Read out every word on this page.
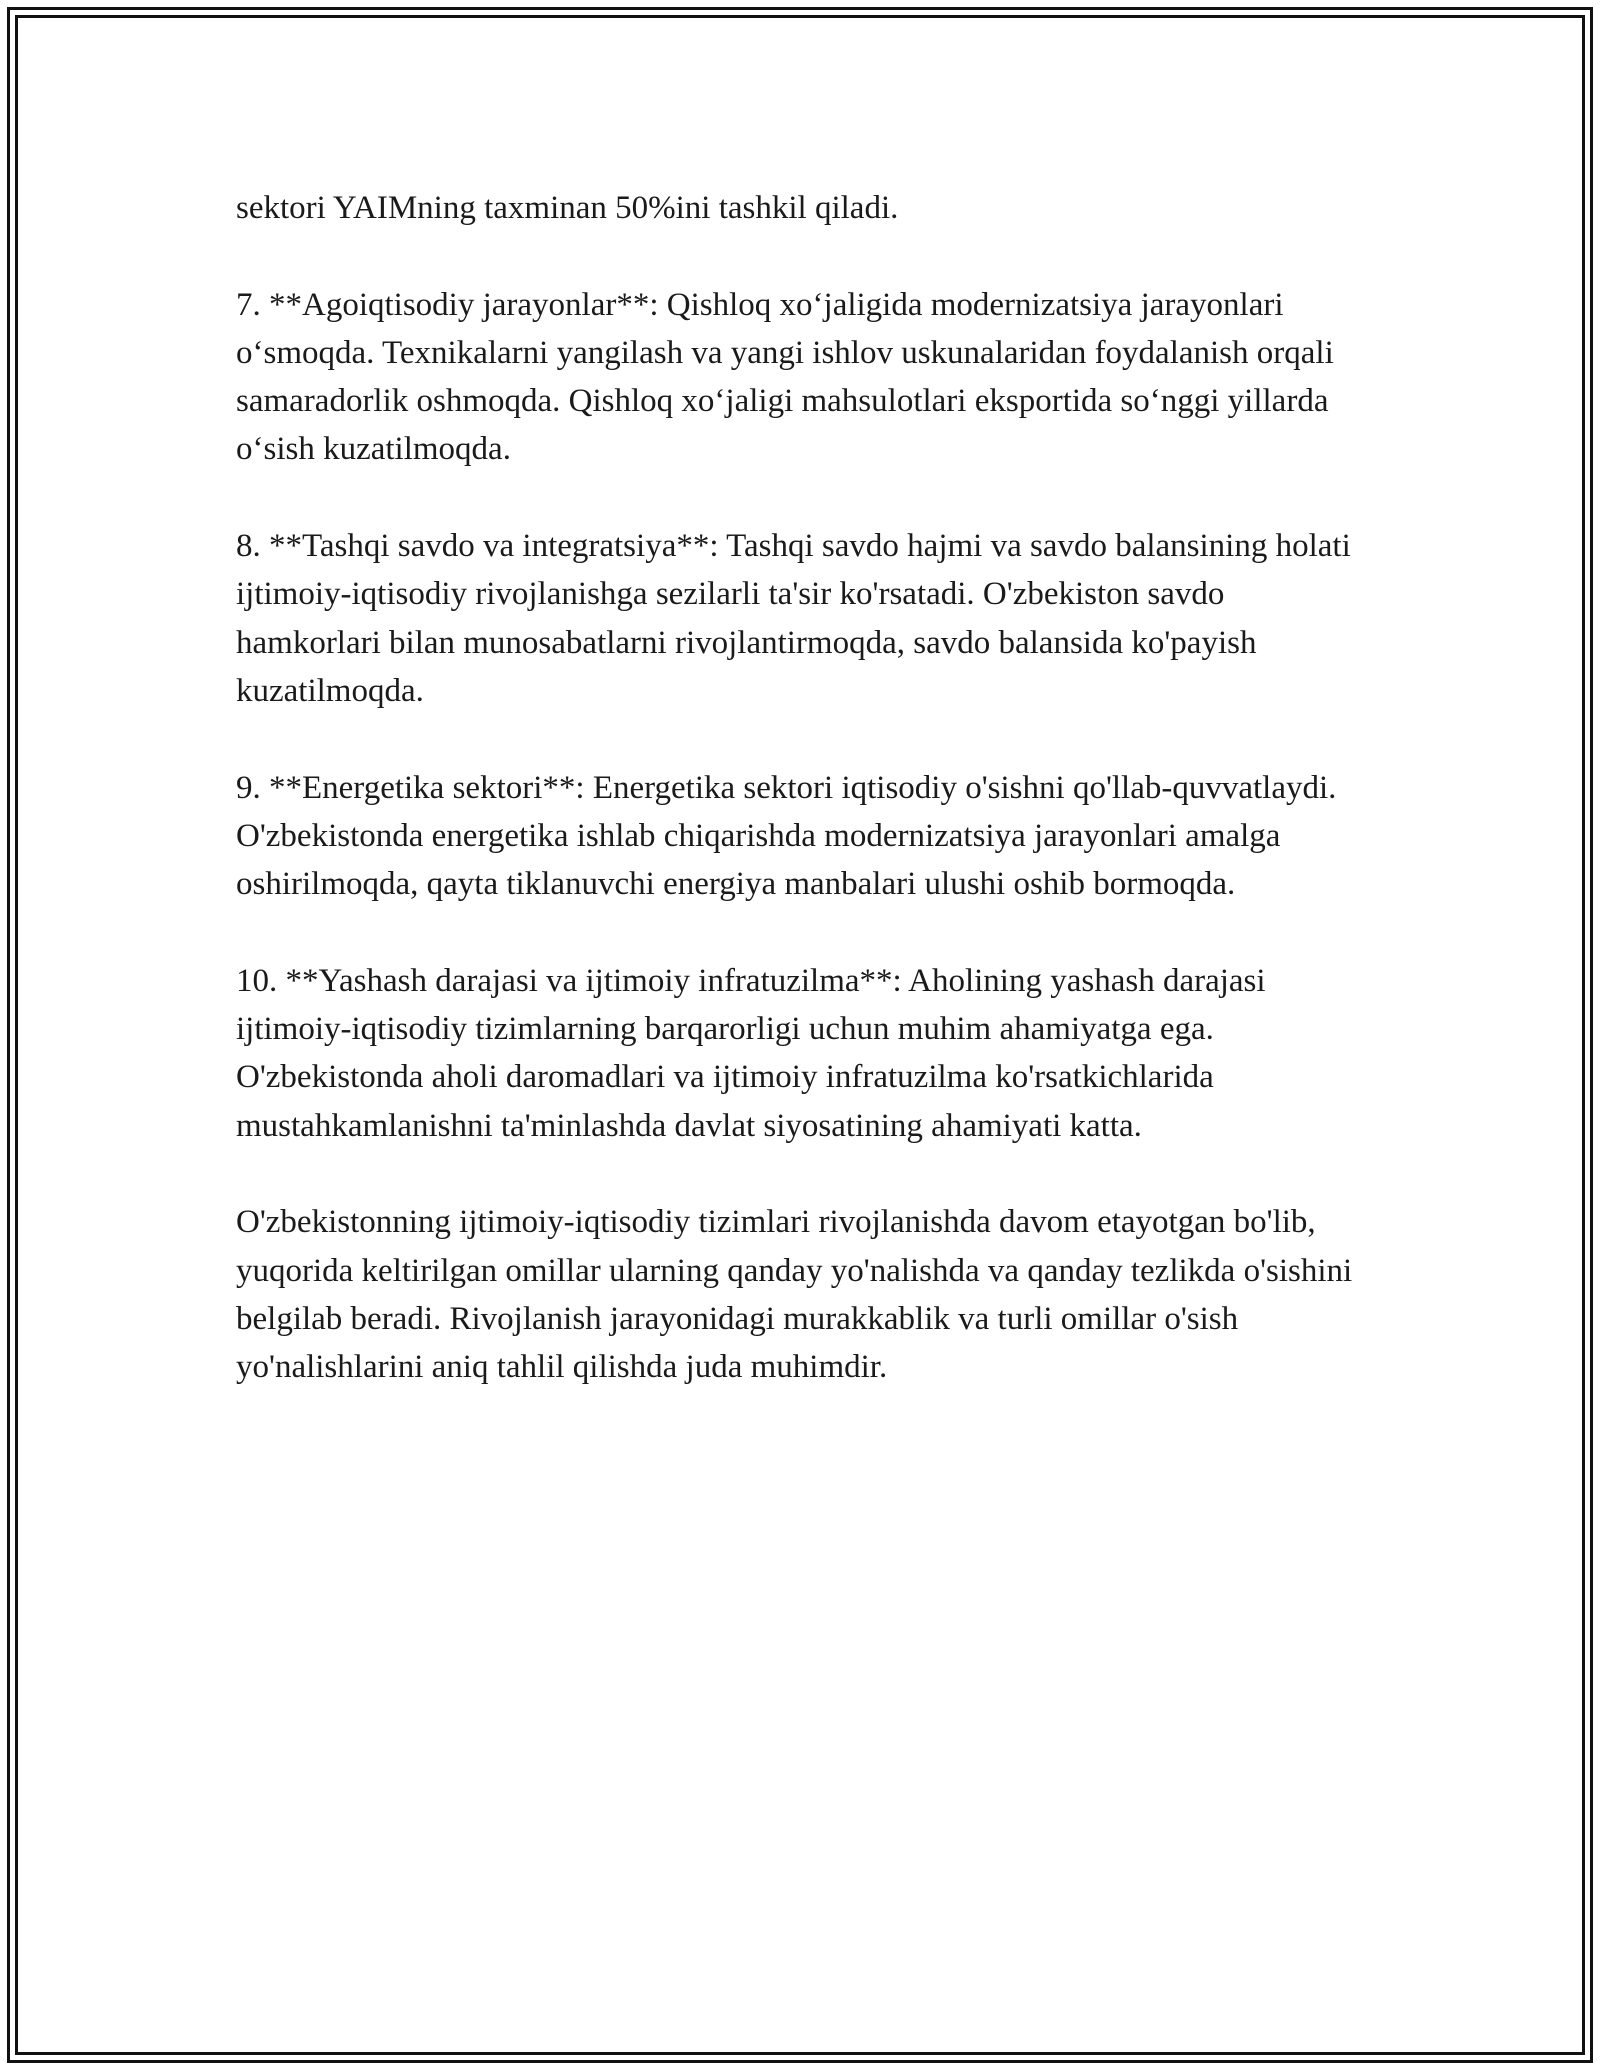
sektori YAIMning taxminan 50%ini tashkil qiladi.

7. **Agoiqtisodiy jarayonlar**: Qishloq xoʻjaligida modernizatsiya jarayonlari oʻsmoqda. Texnikalarni yangilash va yangi ishlov uskunalaridan foydalanish orqali samaradorlik oshmoqda. Qishloq xoʻjaligi mahsulotlari eksportida soʻnggi yillarda oʻsish kuzatilmoqda.

8. **Tashqi savdo va integratsiya**: Tashqi savdo hajmi va savdo balansining holati ijtimoiy-iqtisodiy rivojlanishga sezilarli ta'sir ko'rsatadi. O'zbekiston savdo hamkorlari bilan munosabatlarni rivojlantirmoqda, savdo balansida ko'payish kuzatilmoqda.

9. **Energetika sektori**: Energetika sektori iqtisodiy o'sishni qo'llab-quvvatlaydi. O'zbekistonda energetika ishlab chiqarishda modernizatsiya jarayonlari amalga oshirilmoqda, qayta tiklanuvchi energiya manbalari ulushi oshib bormoqda.

10. **Yashash darajasi va ijtimoiy infratuzilma**: Aholining yashash darajasi ijtimoiy-iqtisodiy tizimlarning barqarorligi uchun muhim ahamiyatga ega. O'zbekistonda aholi daromadlari va ijtimoiy infratuzilma ko'rsatkichlarida mustahkamlanishni ta'minlashda davlat siyosatining ahamiyati katta.

O'zbekistonning ijtimoiy-iqtisodiy tizimlari rivojlanishda davom etayotgan bo'lib, yuqorida keltirilgan omillar ularning qanday yo'nalishda va qanday tezlikda o'sishini belgilab beradi. Rivojlanish jarayonidagi murakkablik va turli omillar o'sish yo'nalishlarini aniq tahlil qilishda juda muhimdir.
